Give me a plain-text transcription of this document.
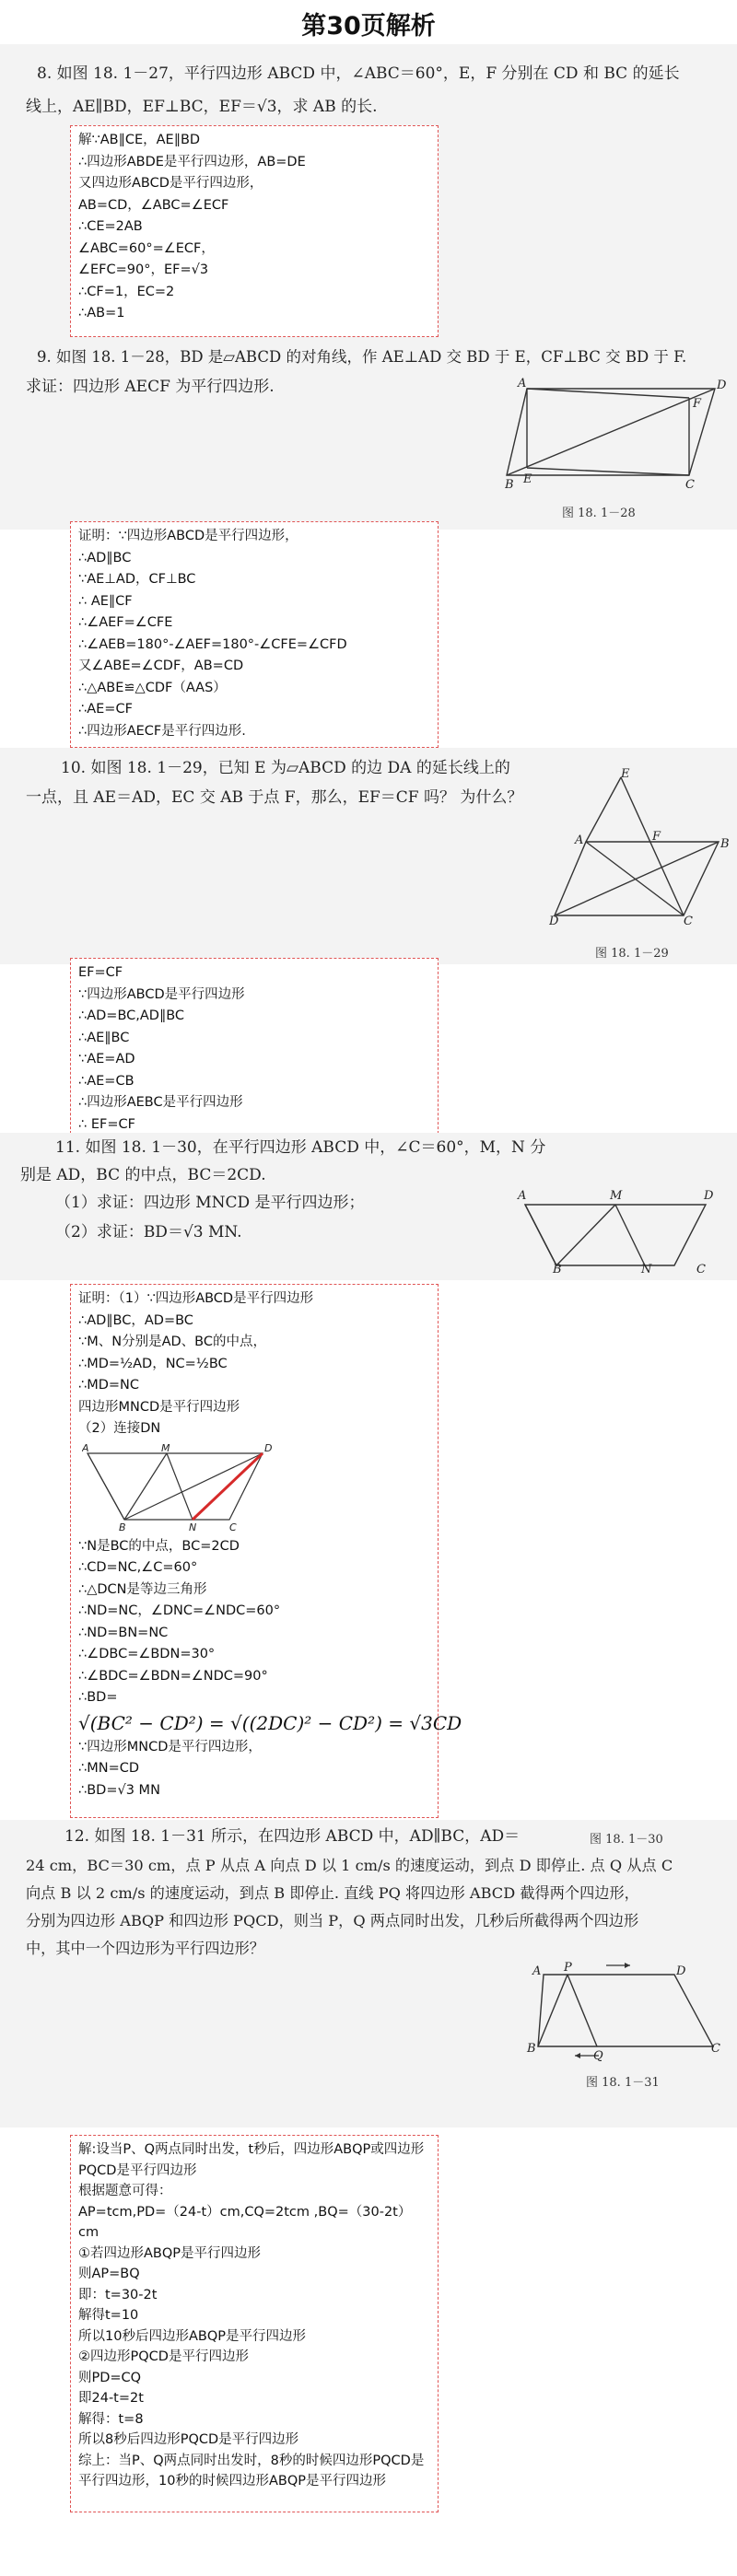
第30页解析
8. 如图 18. 1－27，平行四边形 ABCD 中，∠ABC＝60°，E，F 分别在 CD 和 BC 的延长
线上，AE∥BD，EF⊥BC，EF＝√3，求 AB 的长.
解∵AB∥CE，AE∥BD
∴四边形ABDE是平行四边形，AB=DE
又四边形ABCD是平行四边形，
AB=CD，∠ABC=∠ECF
∴CE=2AB
∠ABC=60°=∠ECF，
∠EFC=90°，EF=√3
∴CF=1，EC=2
∴AB=1
9. 如图 18. 1－28，BD 是▱ABCD 的对角线，作 AE⊥AD 交 BD 于 E，CF⊥BC 交 BD 于 F.
求证：四边形 AECF 为平行四边形.	A	D
F
E
B	C
图 18. 1－28
证明：∵四边形ABCD是平行四边形，
∴AD∥BC
∵AE⊥AD，CF⊥BC
∴ AE∥CF
∴∠AEF=∠CFE
∴∠AEB=180°-∠AEF=180°-∠CFE=∠CFD
又∠ABE=∠CDF，AB=CD
∴△ABE≌△CDF（AAS）
∴AE=CF
∴四边形AECF是平行四边形.
10. 如图 18. 1－29，已知 E 为▱ABCD 的边 DA 的延长线上的
一点，且 AE＝AD，EC 交 AB 于点 F，那么，EF＝CF 吗？ 为什么？
E
F
A	B
D	C
图 18. 1－29
EF=CF
∵四边形ABCD是平行四边形
∴AD=BC,AD∥BC
∴AE∥BC
∵AE=AD
∴AE=CB
∴四边形AEBC是平行四边形
∴ EF=CF
11. 如图 18. 1－30，在平行四边形 ABCD 中，∠C＝60°，M，N 分
别是 AD，BC 的中点，BC＝2CD.
（1）求证：四边形 MNCD 是平行四边形；
（2）求证：BD＝√3 MN.
A	M	D
B	N	C
证明：（1）∵四边形ABCD是平行四边形
∴AD∥BC，AD=BC
∵M、N分别是AD、BC的中点，
∴MD=½AD，NC=½BC
∴MD=NC
四边形MNCD是平行四边形
（2）连接DN
A	M	D
B	N	C
∵N是BC的中点，BC=2CD
∴CD=NC,∠C=60°
∴△DCN是等边三角形
∴ND=NC，∠DNC=∠NDC=60°
∴ND=BN=NC
∴∠DBC=∠BDN=30°
∴∠BDC=∠BDN=∠NDC=90°
∴BD=
√(BC² − CD²) = √((2DC)² − CD²) = √3CD
∵四边形MNCD是平行四边形，
∴MN=CD
∴BD=√3 MN
12. 如图 18. 1－31 所示，在四边形 ABCD 中，AD∥BC，AD＝	图 18. 1－30
24 cm，BC＝30 cm，点 P 从点 A 向点 D 以 1 cm/s 的速度运动，到点 D 即停止. 点 Q 从点 C
向点 B 以 2 cm/s 的速度运动，到点 B 即停止. 直线 PQ 将四边形 ABCD 截得两个四边形，
分别为四边形 ABQP 和四边形 PQCD，则当 P，Q 两点同时出发，几秒后所截得两个四边形
中，其中一个四边形为平行四边形？
A P	D
B
Q
C
图 18. 1－31
解:设当P、Q两点同时出发，t秒后，四边形ABQP或四边形PQCD是平行四边形
根据题意可得：
AP=tcm,PD=（24-t）cm,CQ=2tcm ,BQ=（30-2t）cm
①若四边形ABQP是平行四边形
则AP=BQ
即：t=30-2t
解得t=10
所以10秒后四边形ABQP是平行四边形
②四边形PQCD是平行四边形
则PD=CQ
即24-t=2t
解得：t=8
所以8秒后四边形PQCD是平行四边形
综上：当P、Q两点同时出发时，8秒的时候四边形PQCD是平行四边形，10秒的时候四边形ABQP是平行四边形
